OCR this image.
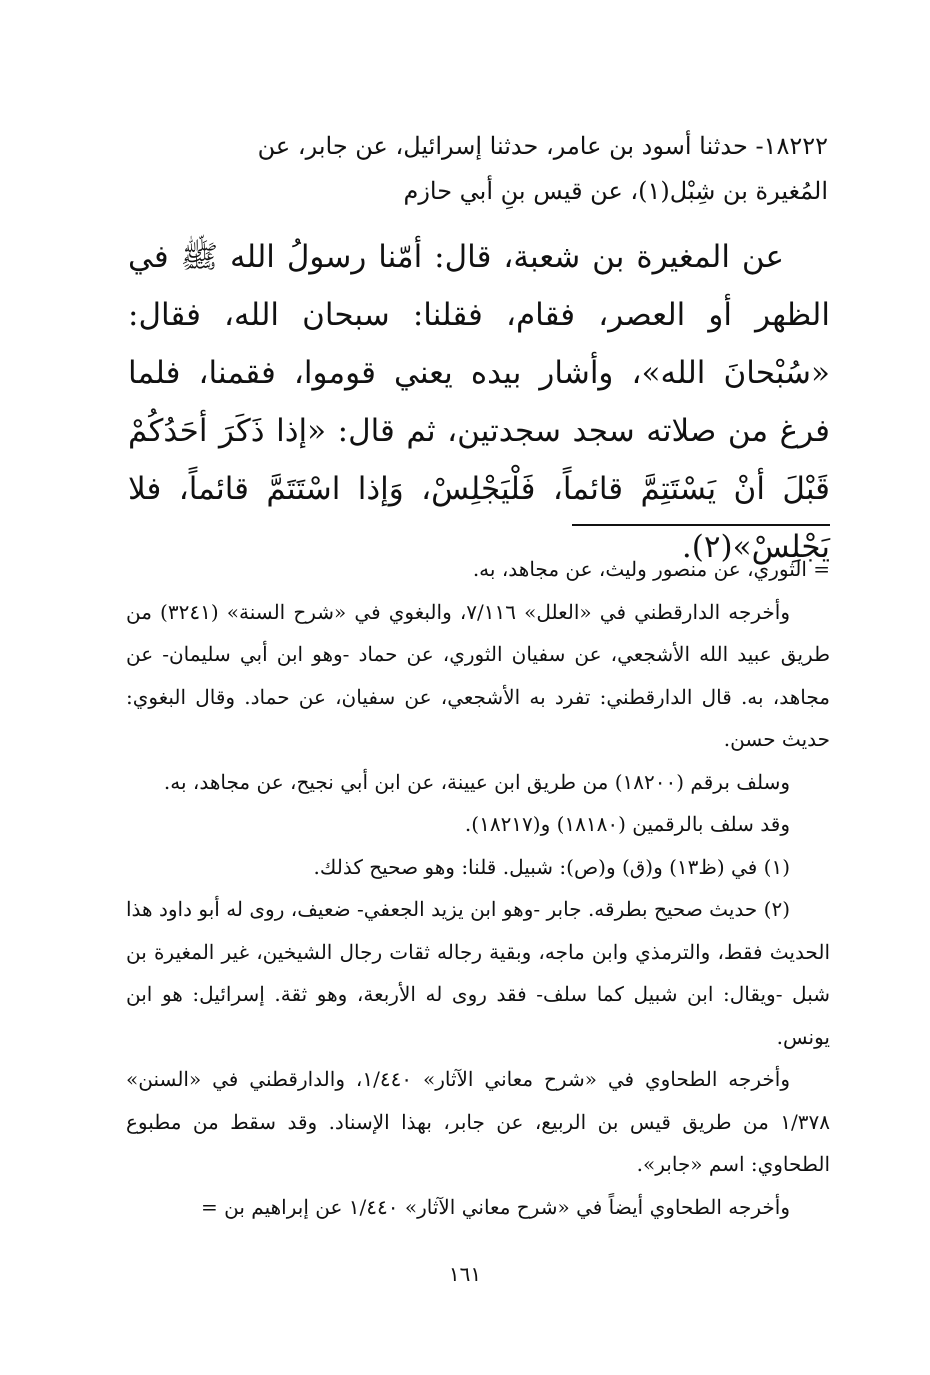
١٨٢٢٢- حدثنا أسود بن عامر، حدثنا إسرائيل، عن جابر، عن

المُغيرة بن شِبْل(١)، عن قيس بنِ أبي حازم

عن المغيرة بن شعبة، قال: أمّنا رسولُ الله ﷺ في الظهر أو العصر، فقام، فقلنا: سبحان الله، فقال: «سُبْحانَ الله»، وأشار بيده يعني قوموا، فقمنا، فلما فرغ من صلاته سجد سجدتين، ثم قال: «إذا ذَكَرَ أحَدُكُمْ قَبْلَ أنْ يَسْتَتِمَّ قائماً، فَلْيَجْلِسْ، وَإذا اسْتَتَمَّ قائماً، فلا يَجْلِسْ»(٢).

= الثوري، عن منصور وليث، عن مجاهد، به.

وأخرجه الدارقطني في «العلل» ٧/١١٦، والبغوي في «شرح السنة» (٣٢٤١) من طريق عبيد الله الأشجعي، عن سفيان الثوري، عن حماد -وهو ابن أبي سليمان- عن مجاهد، به. قال الدارقطني: تفرد به الأشجعي، عن سفيان، عن حماد. وقال البغوي: حديث حسن.

وسلف برقم (١٨٢٠٠) من طريق ابن عيينة، عن ابن أبي نجيح، عن مجاهد، به.

وقد سلف بالرقمين (١٨١٨٠) و(١٨٢١٧).

(١) في (ظ١٣) و(ق) و(ص): شبيل. قلنا: وهو صحيح كذلك.

(٢) حديث صحيح بطرقه. جابر -وهو ابن يزيد الجعفي- ضعيف، روى له أبو داود هذا الحديث فقط، والترمذي وابن ماجه، وبقية رجاله ثقات رجال الشيخين، غير المغيرة بن شبل -ويقال: ابن شبيل كما سلف- فقد روى له الأربعة، وهو ثقة. إسرائيل: هو ابن يونس.

وأخرجه الطحاوي في «شرح معاني الآثار» ١/٤٤٠، والدارقطني في «السنن» ١/٣٧٨ من طريق قيس بن الربيع، عن جابر، بهذا الإسناد. وقد سقط من مطبوع الطحاوي: اسم «جابر».

وأخرجه الطحاوي أيضاً في «شرح معاني الآثار» ١/٤٤٠ عن إبراهيم بن =

١٦١
